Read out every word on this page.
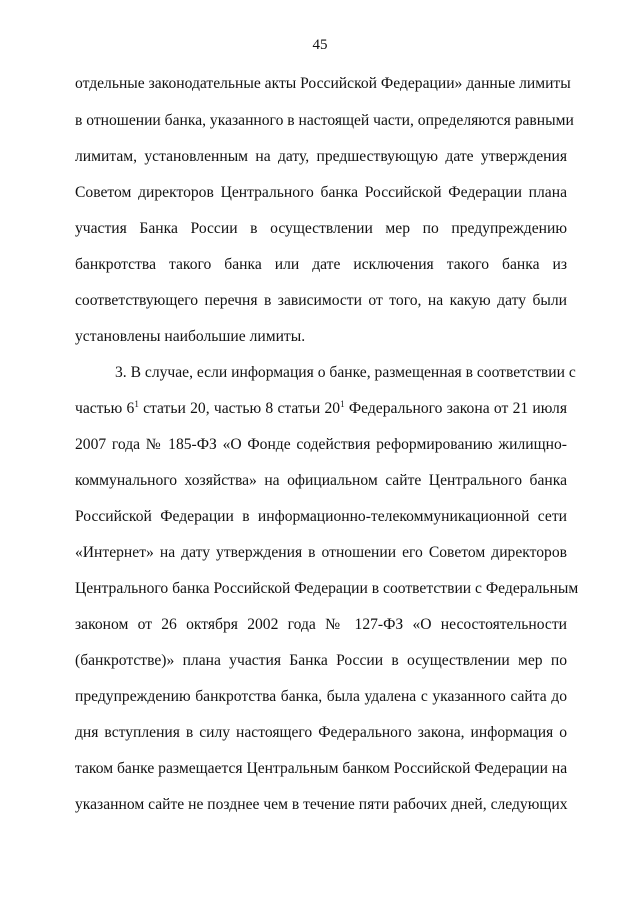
45
отдельные законодательные акты Российской Федерации» данные лимиты
в отношении банка, указанного в настоящей части, определяются равными
лимитам, установленным на дату, предшествующую дате утверждения
Советом директоров Центрального банка Российской Федерации плана
участия Банка России в осуществлении мер по предупреждению
банкротства такого банка или дате исключения такого банка из
соответствующего перечня в зависимости от того, на какую дату были
установлены наибольшие лимиты.
3. В случае, если информация о банке, размещенная в соответствии с
частью $6^1$ статьи 20, частью 8 статьи $20^1$ Федерального закона от 21 июля
2007 года № 185-ФЗ «О Фонде содействия реформированию жилищно-
коммунального хозяйства» на официальном сайте Центрального банка
Российской Федерации в информационно-телекоммуникационной сети
«Интернет» на дату утверждения в отношении его Советом директоров
Центрального банка Российской Федерации в соответствии с Федеральным
законом от 26 октября 2002 года № 127-ФЗ «О несостоятельности
(банкротстве)» плана участия Банка России в осуществлении мер по
предупреждению банкротства банка, была удалена с указанного сайта до
дня вступления в силу настоящего Федерального закона, информация о
таком банке размещается Центральным банком Российской Федерации на
указанном сайте не позднее чем в течение пяти рабочих дней, следующих
